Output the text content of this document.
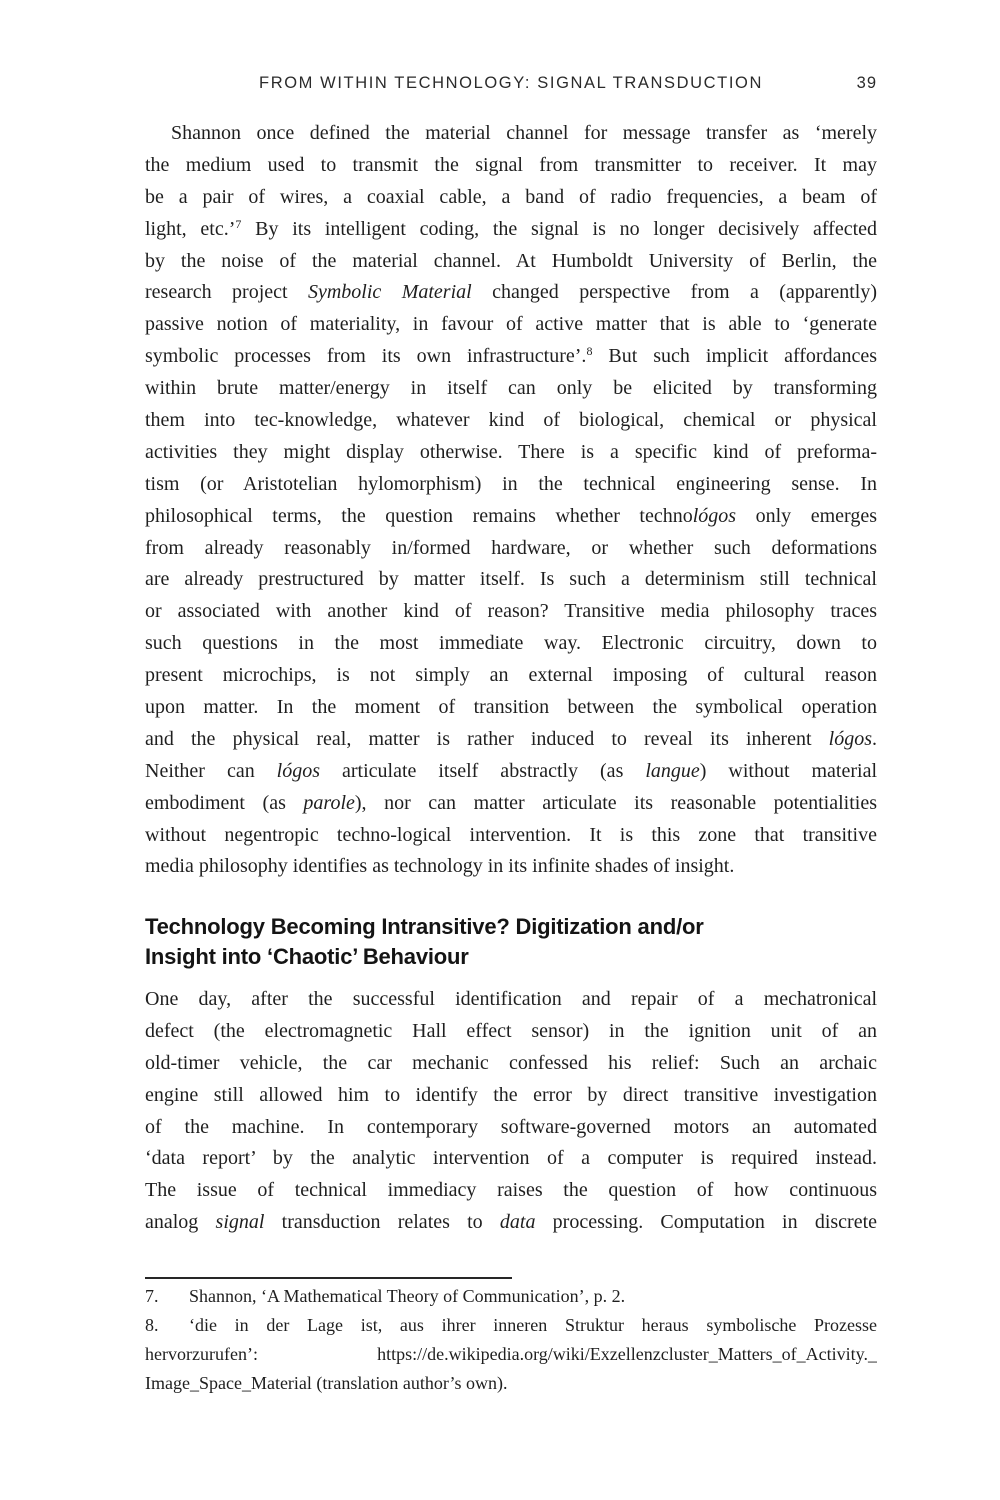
FROM WITHIN TECHNOLOGY: SIGNAL TRANSDUCTION	39
Shannon once defined the material channel for message transfer as ‘merely
the medium used to transmit the signal from transmitter to receiver. It may
be a pair of wires, a coaxial cable, a band of radio frequencies, a beam of
light, etc.’$^7$ By its intelligent coding, the signal is no longer decisively affected
by the noise of the material channel. At Humboldt University of Berlin, the
research project Symbolic Material changed perspective from a (apparently)
passive notion of materiality, in favour of active matter that is able to ‘generate
symbolic processes from its own infrastructure’.$^8$ But such implicit affordances
within brute matter/energy in itself can only be elicited by transforming
them into tec-knowledge, whatever kind of biological, chemical or physical
activities they might display otherwise. There is a specific kind of preforma-
tism (or Aristotelian hylomorphism) in the technical engineering sense. In
philosophical terms, the question remains whether technológos only emerges
from already reasonably in/formed hardware, or whether such deformations
are already prestructured by matter itself. Is such a determinism still technical
or associated with another kind of reason? Transitive media philosophy traces
such questions in the most immediate way. Electronic circuitry, down to
present microchips, is not simply an external imposing of cultural reason
upon matter. In the moment of transition between the symbolical operation
and the physical real, matter is rather induced to reveal its inherent lógos.
Neither can lógos articulate itself abstractly (as langue) without material
embodiment (as parole), nor can matter articulate its reasonable potentialities
without negentropic techno-logical intervention. It is this zone that transitive
media philosophy identifies as technology in its infinite shades of insight.
Technology Becoming Intransitive? Digitization and/or
Insight into ‘Chaotic’ Behaviour
One day, after the successful identification and repair of a mechatronical
defect (the electromagnetic Hall effect sensor) in the ignition unit of an
old-timer vehicle, the car mechanic confessed his relief: Such an archaic
engine still allowed him to identify the error by direct transitive investigation
of the machine. In contemporary software-governed motors an automated
‘data report’ by the analytic intervention of a computer is required instead.
The issue of technical immediacy raises the question of how continuous
analog signal transduction relates to data processing. Computation in discrete
7. Shannon, ‘A Mathematical Theory of Communication’, p. 2.
8. ‘die in der Lage ist, aus ihrer inneren Struktur heraus symbolische Prozesse
hervorzurufen’: https://de.wikipedia.org/wiki/Exzellenzcluster_Matters_of_Activity._
Image_Space_Material (translation author’s own).
